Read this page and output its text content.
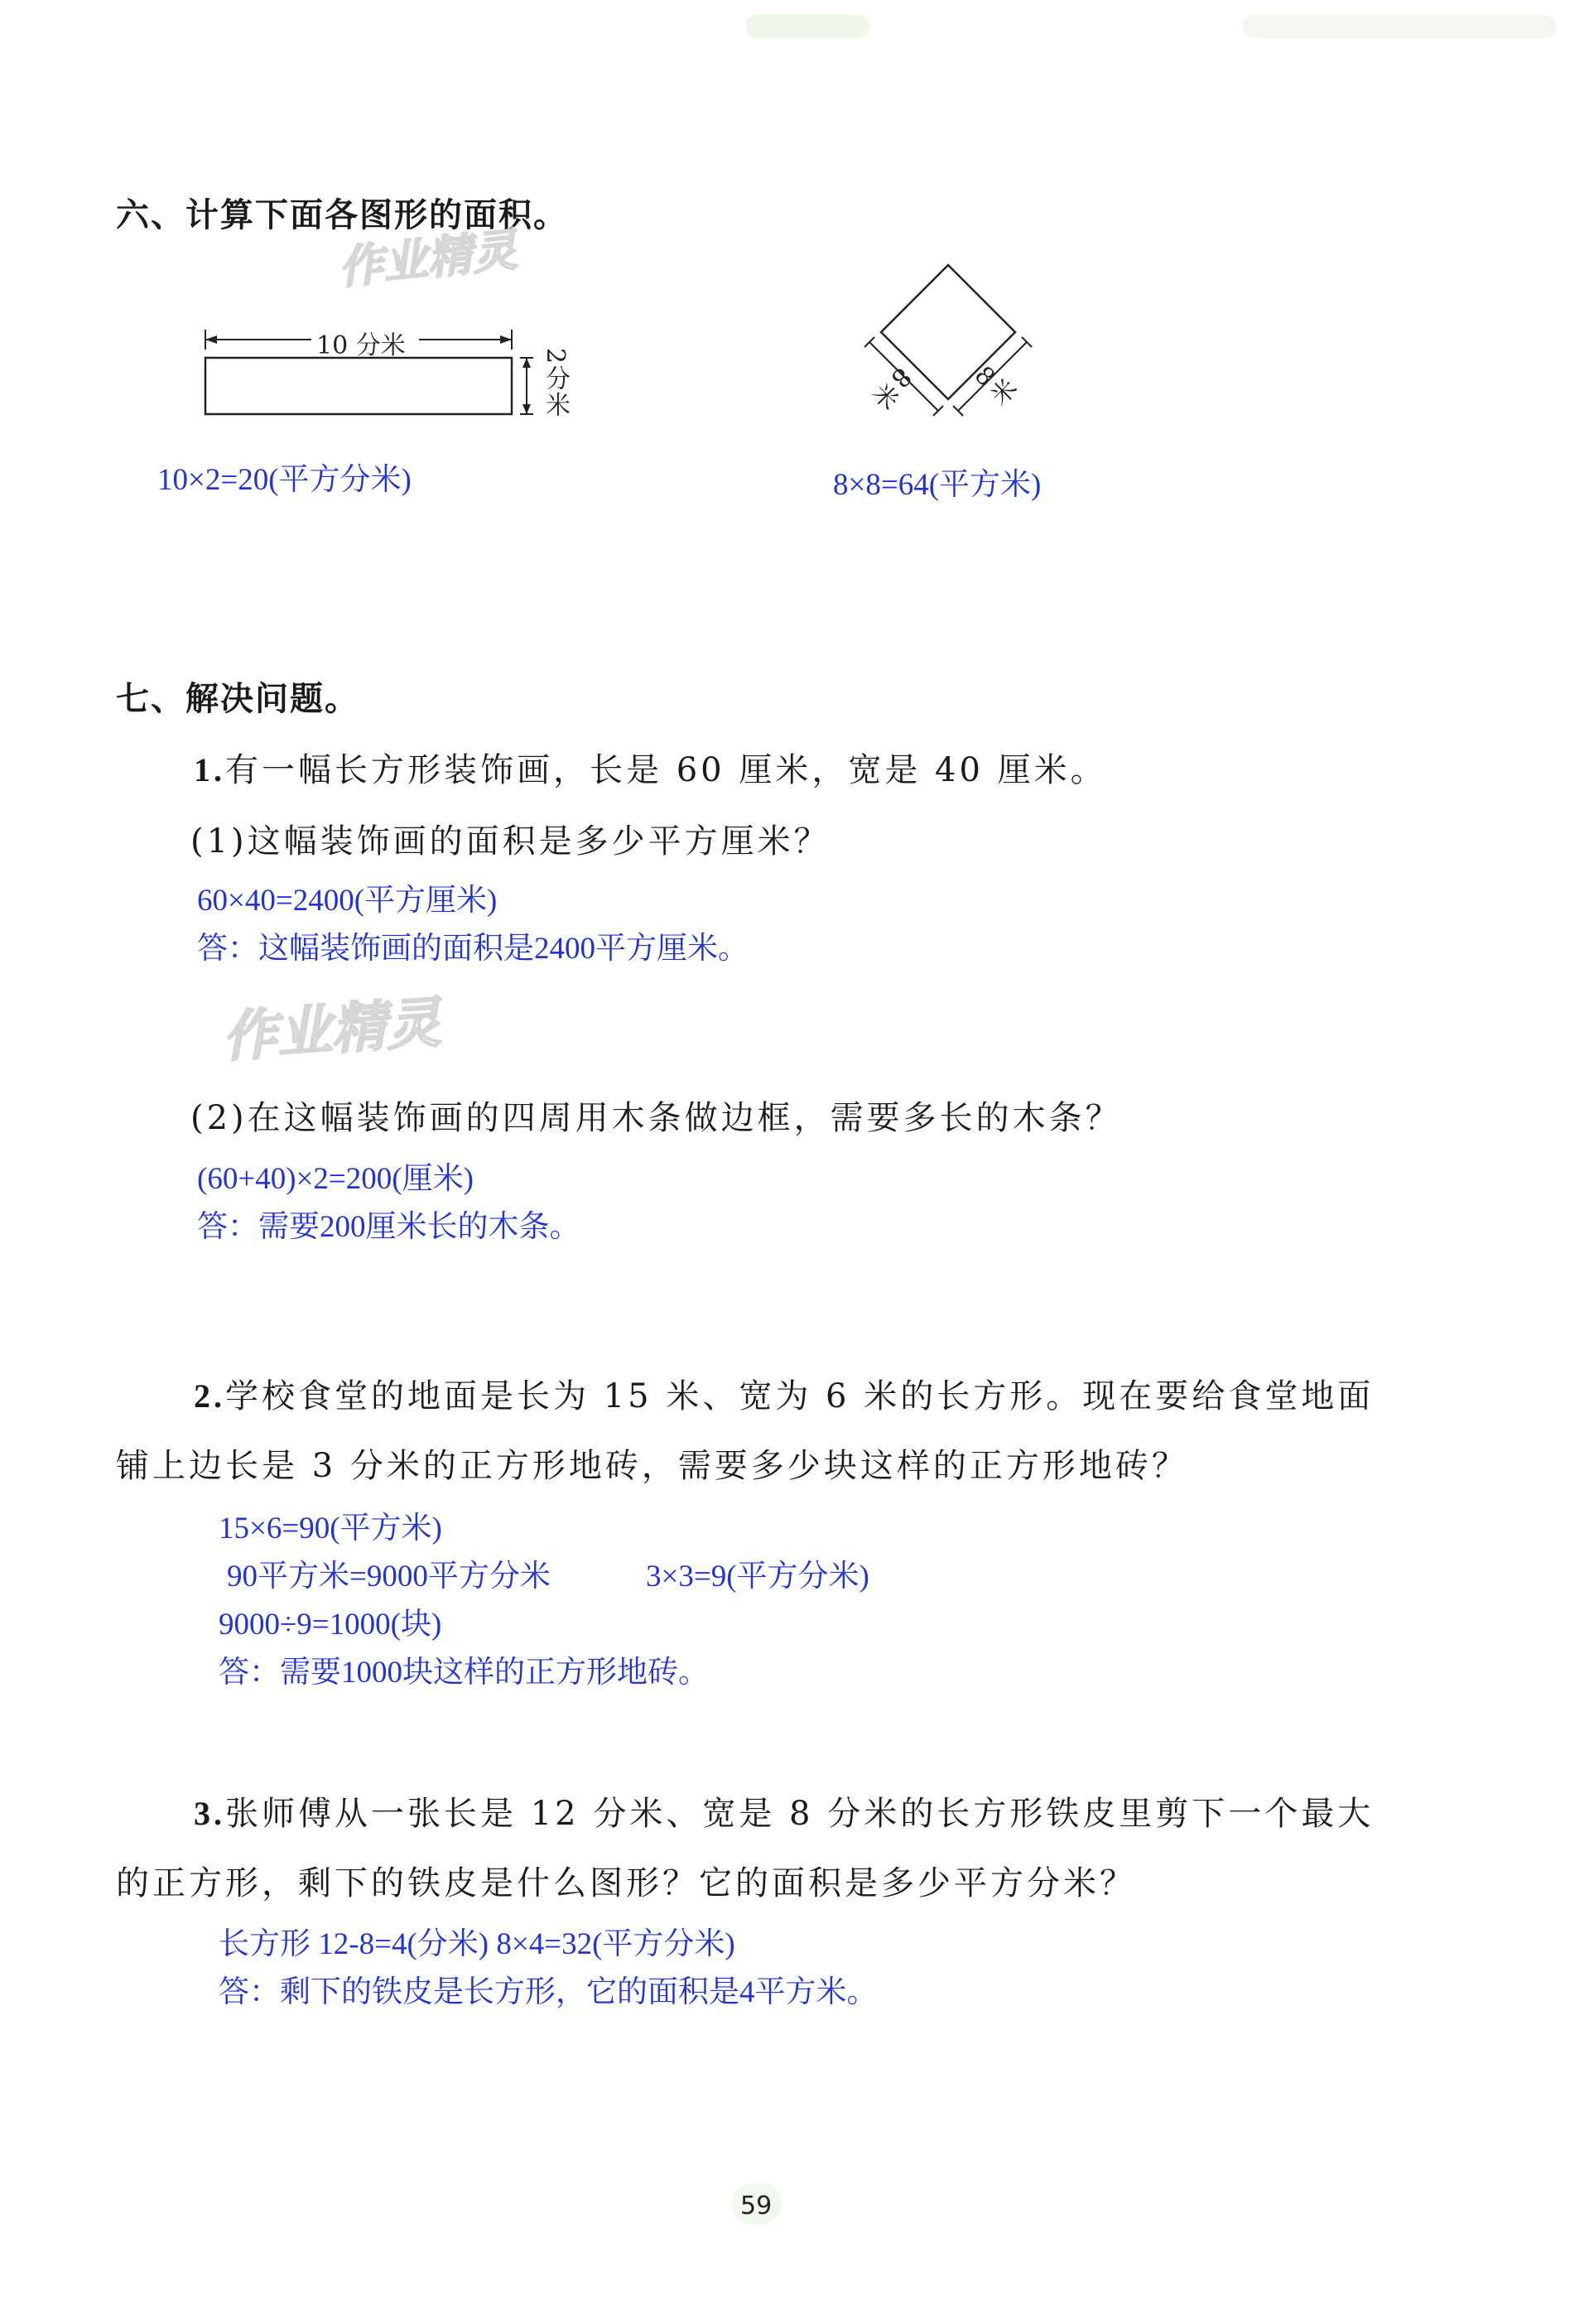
六、计算下面各图形的面积。
作业精灵
10 分米
2分米
10×2=20(平方分米)
8米 8米
8×8=64(平方米)
七、解决问题。
1.有一幅长方形装饰画，长是 60 厘米，宽是 40 厘米。
(1)这幅装饰画的面积是多少平方厘米？
60×40=2400(平方厘米)
答：这幅装饰画的面积是2400平方厘米。
作业精灵
(2)在这幅装饰画的四周用木条做边框，需要多长的木条？
(60+40)×2=200(厘米)
答：需要200厘米长的木条。
2.学校食堂的地面是长为 15 米、宽为 6 米的长方形。现在要给食堂地面
铺上边长是 3 分米的正方形地砖，需要多少块这样的正方形地砖？
15×6=90(平方米)
90平方米=9000平方分米	3×3=9(平方分米)
9000÷9=1000(块)
答：需要1000块这样的正方形地砖。
3.张师傅从一张长是 12 分米、宽是 8 分米的长方形铁皮里剪下一个最大
的正方形，剩下的铁皮是什么图形？它的面积是多少平方分米？
长方形 12-8=4(分米) 8×4=32(平方分米)
答：剩下的铁皮是长方形，它的面积是4平方米。
59
